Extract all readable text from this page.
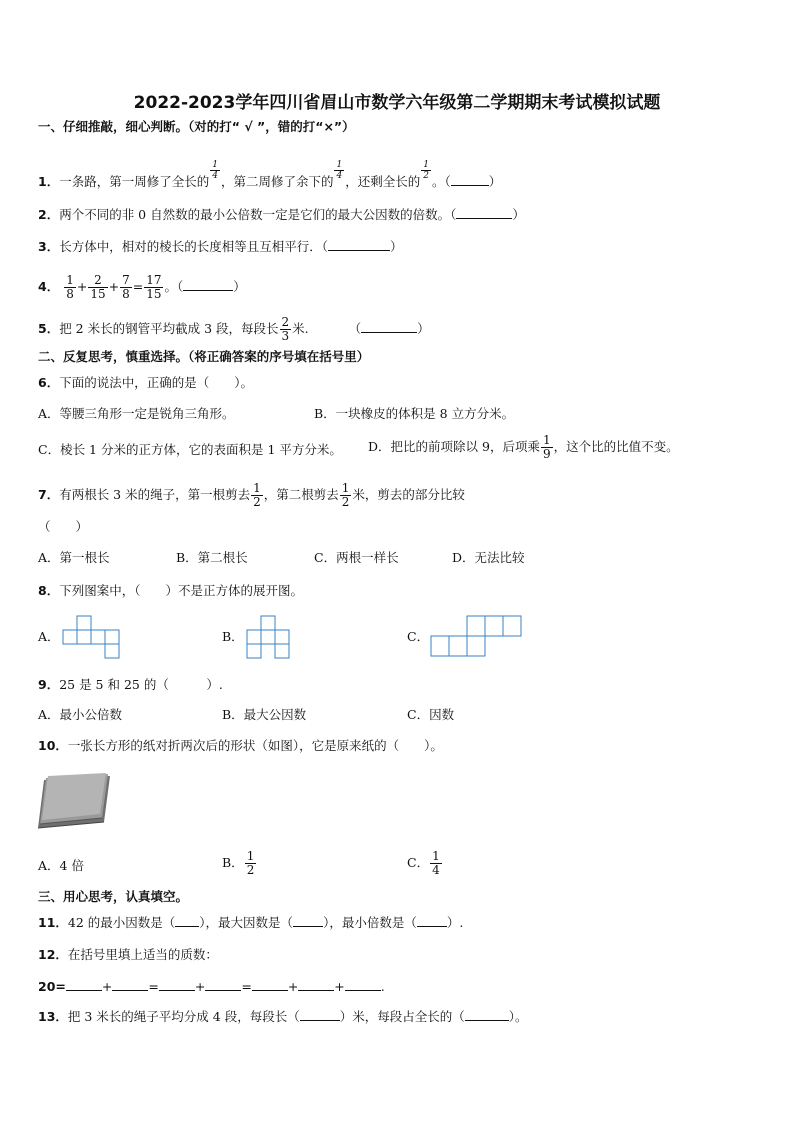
2022-2023学年四川省眉山市数学六年级第二学期期末考试模拟试题
一、仔细推敲，细心判断。（对的打“ √ ”，错的打“×”）
1．一条路，第一周修了全长的
$\frac{1}{4}$
，第二周修了余下的
$\frac{1}{4}$
，还剩全长的
$\frac{1}{2}$
。（	）
2．两个不同的非 0 自然数的最小公倍数一定是它们的最大公因数的倍数。（	）
3．长方体中，相对的棱长的长度相等且互相平行．（	）
4． $\frac{1}{8} + \frac{2}{15} + \frac{7}{8} = \frac{17}{15}$ 。（	）
5．把 2 米长的钢管平均截成 3 段，每段长 $\frac{2}{3}$ 米.	（	）
二、反复思考，慎重选择。（将正确答案的序号填在括号里）
6．下面的说法中，正确的是（　　）。
A．等腰三角形一定是锐角三角形。	B．一块橡皮的体积是 8 立方分米。
C．棱长 1 分米的正方体，它的表面积是 1 平方分米。 D．把比的前项除以 9，后项乘 $\frac{1}{9}$ ，这个比的比值不变。
7．有两根长 3 米的绳子，第一根剪去 $\frac{1}{2}$ ，第二根剪去 $\frac{1}{2}$ 米，剪去的部分比较
（　　）
A．第一根长	B．第二根长	C．两根一样长	D．无法比较
8．下列图案中，（　　）不是正方体的展开图。
A．	B．	C．
9．25 是 5 和 25 的（　　　）.
A．最小公倍数	B．最大公因数	C．因数
10．一张长方形的纸对折两次后的形状（如图），它是原来纸的（　　）。
A．4 倍	B． $\frac{1}{2}$	C． $\frac{1}{4}$
三、用心思考，认真填空。
11．42 的最小因数是（ ），最大因数是（ ），最小倍数是（ ）.
12．在括号里填上适当的质数：
20=	+	=	+	=	+	+	.
13．把 3 米长的绳子平均分成 4 段，每段长（	）米，每段占全长的（	）。
